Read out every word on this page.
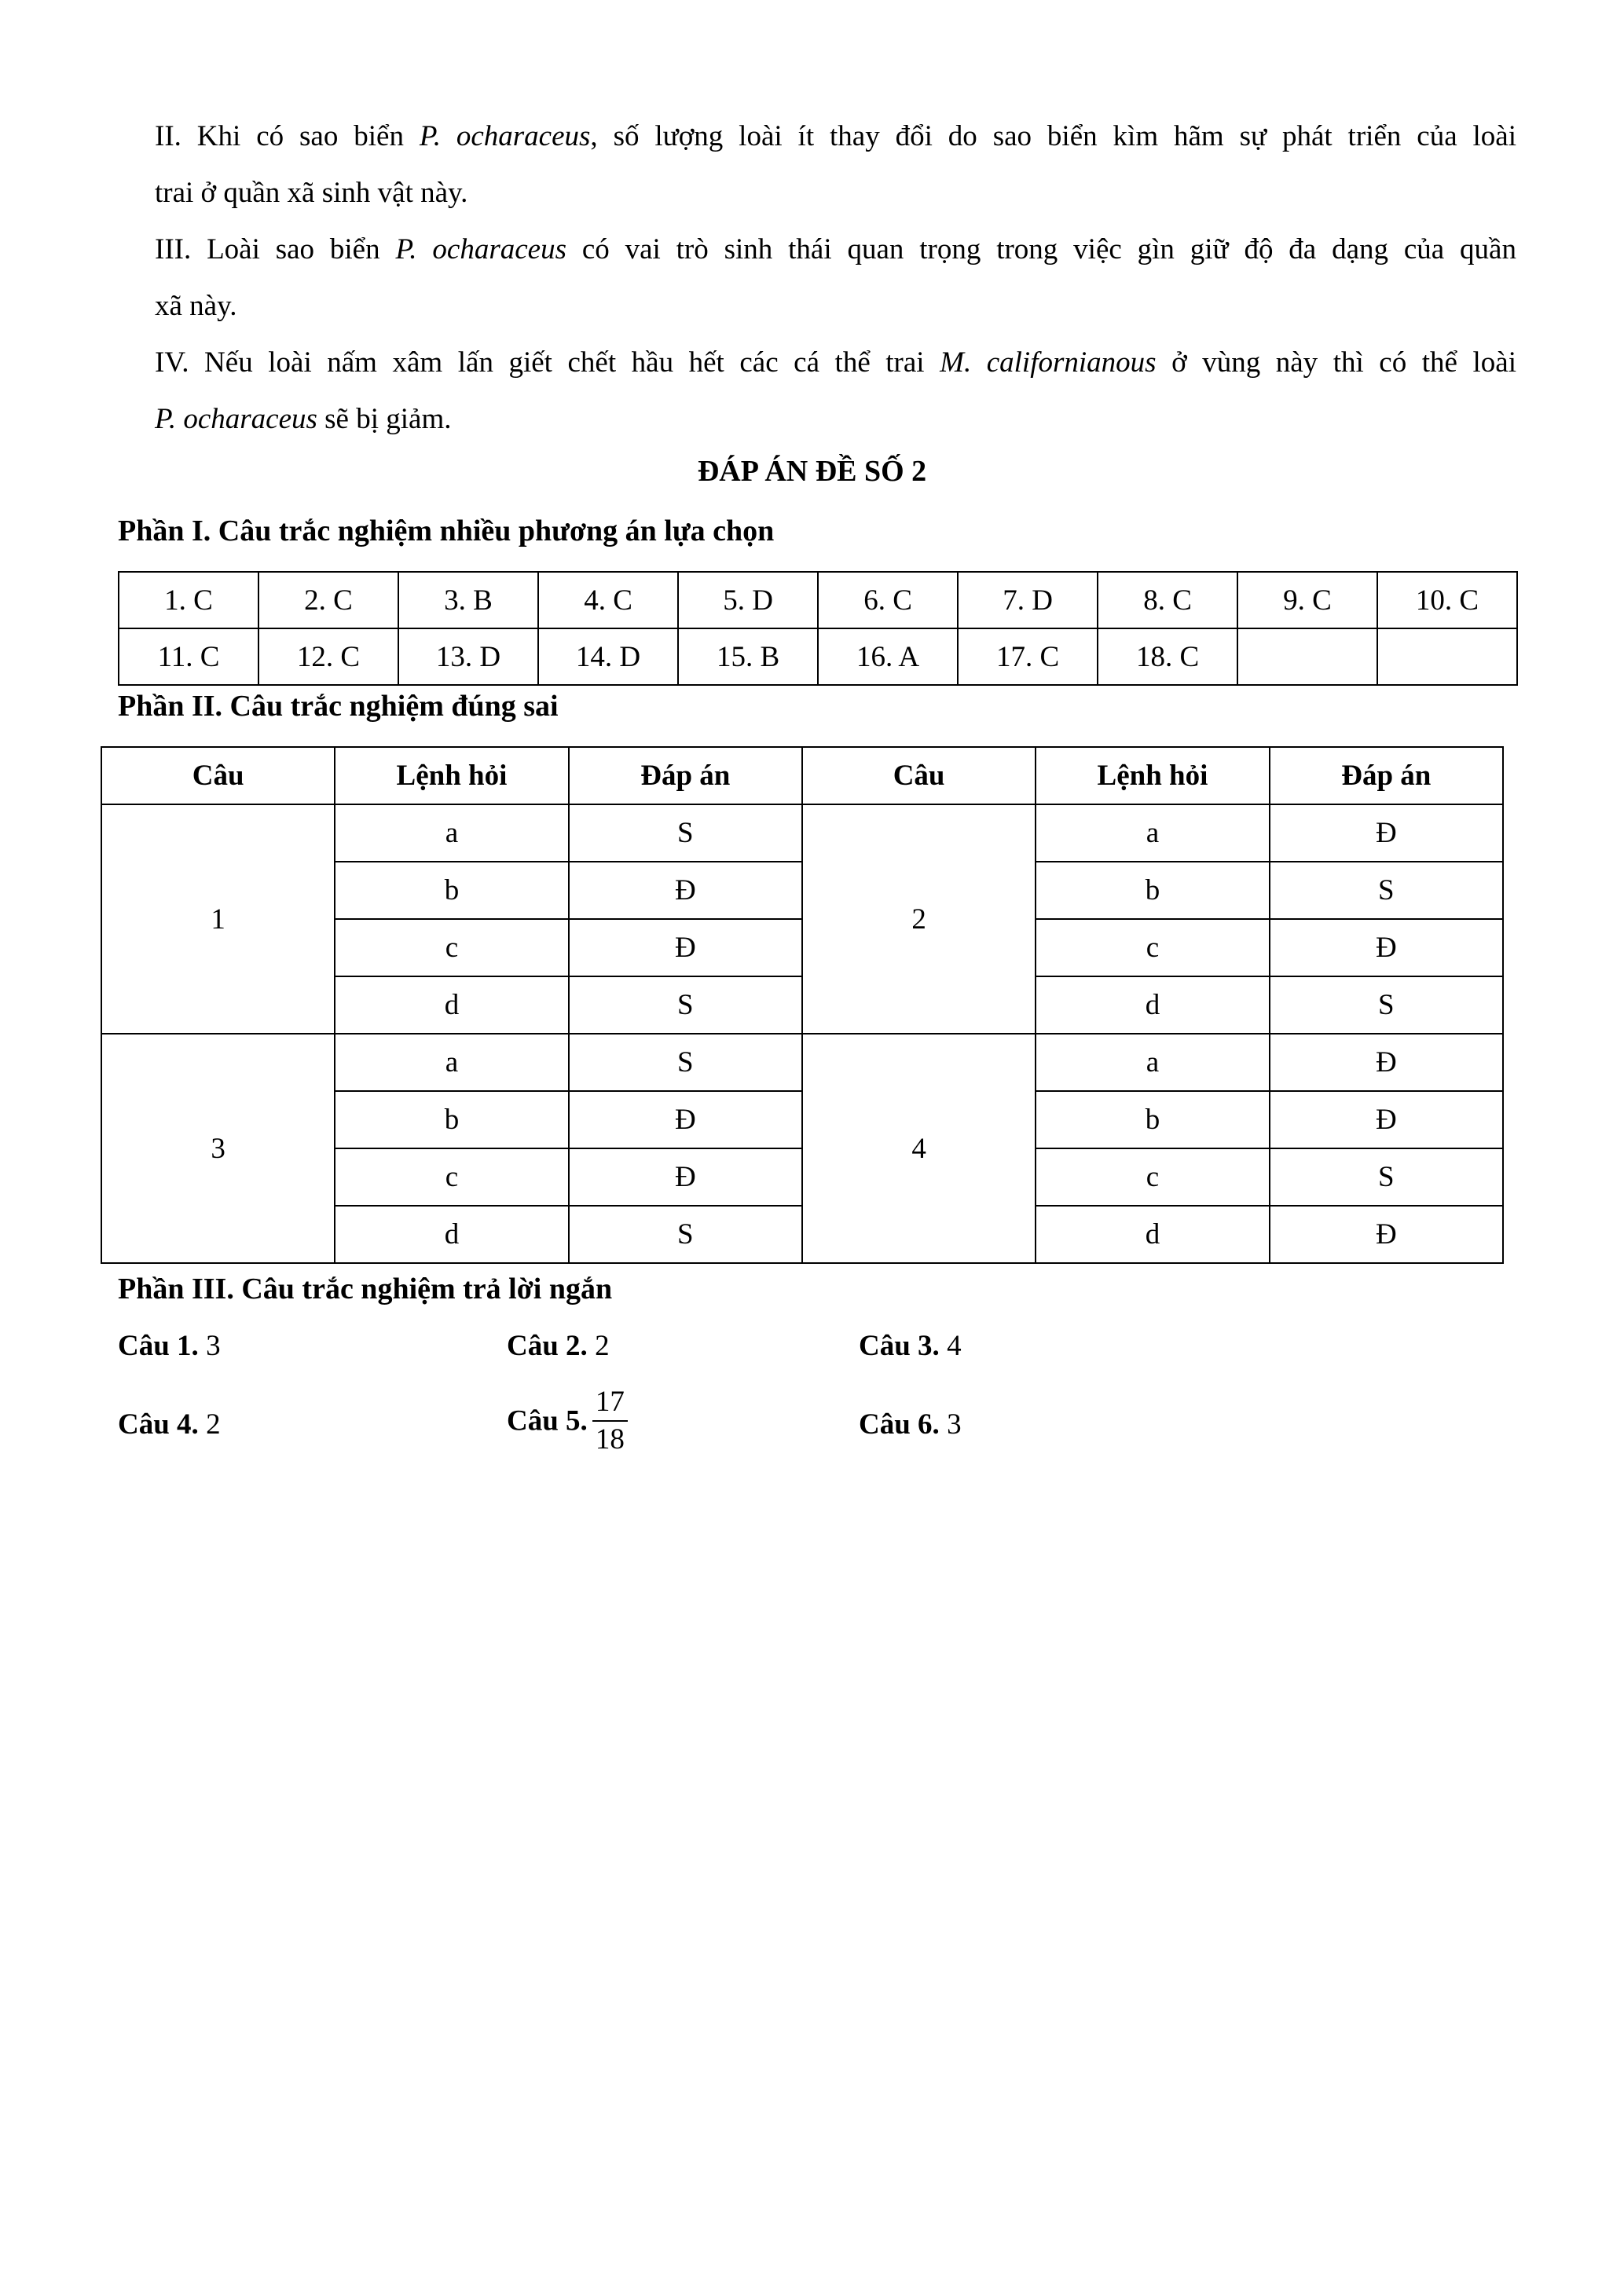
II. Khi có sao biển P. ocharaceus, số lượng loài ít thay đổi do sao biển kìm hãm sự phát triển của loài

trai ở quần xã sinh vật này.

III. Loài sao biển P. ocharaceus có vai trò sinh thái quan trọng trong việc gìn giữ độ đa dạng của quần

xã này.

IV. Nếu loài nấm xâm lấn giết chết hầu hết các cá thể trai M. californianous ở vùng này thì có thể loài

P. ocharaceus sẽ bị giảm.

ĐÁP ÁN ĐỀ SỐ 2
Phần I. Câu trắc nghiệm nhiều phương án lựa chọn
1. C	2. C	3. B	4. C	5. D	6. C	7. D	8. C	9. C	10. C
11. C	12. C	13. D	14. D	15. B	16. A	17. C	18. C		
Phần II. Câu trắc nghiệm đúng sai
Câu	Lệnh hỏi	Đáp án	Câu	Lệnh hỏi	Đáp án
1	a	S	2	a	Đ
	b	Đ		b	S
	c	Đ		c	Đ
	d	S		d	S
3	a	S	4	a	Đ
	b	Đ		b	Đ
	c	Đ		c	S
	d	S		d	Đ
Phần III. Câu trắc nghiệm trả lời ngắn
Câu 1. 3	Câu 2. 2	Câu 3. 4
Câu 4. 2	Câu 5. $\frac{17}{18}$	Câu 6. 3
